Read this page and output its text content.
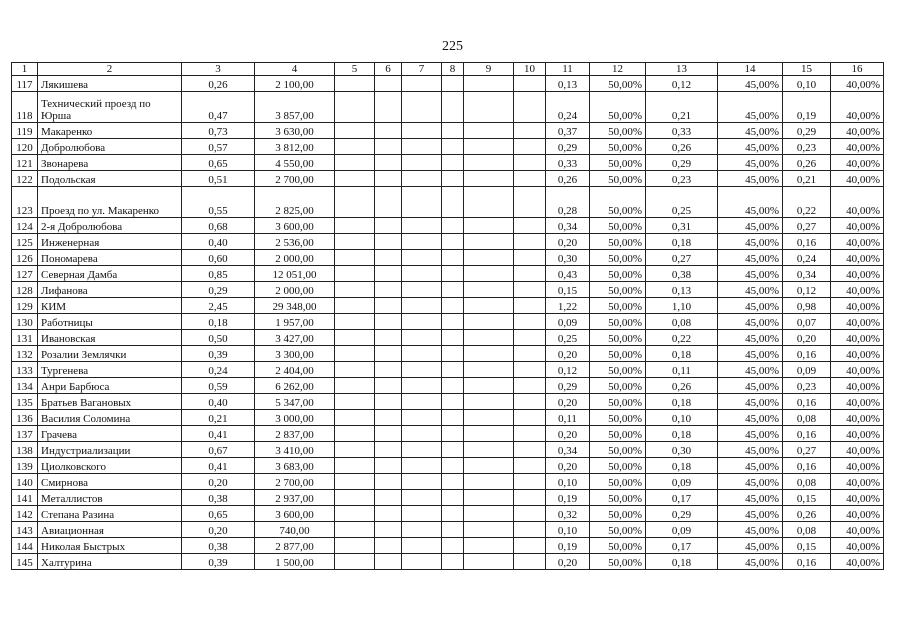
225
1	2	3	4	5	6	7	8	9	10	11	12	13	14	15	16
117	Лякишева	0,26	2 100,00							0,13	50,00%	0,12	45,00%	0,10	40,00%
118	Технический проезд по Юрша	0,47	3 857,00							0,24	50,00%	0,21	45,00%	0,19	40,00%
119	Макаренко	0,73	3 630,00							0,37	50,00%	0,33	45,00%	0,29	40,00%
120	Добролюбова	0,57	3 812,00							0,29	50,00%	0,26	45,00%	0,23	40,00%
121	Звонарева	0,65	4 550,00							0,33	50,00%	0,29	45,00%	0,26	40,00%
122	Подольская	0,51	2 700,00							0,26	50,00%	0,23	45,00%	0,21	40,00%
123	Проезд по ул. Макаренко	0,55	2 825,00							0,28	50,00%	0,25	45,00%	0,22	40,00%
124	2-я Добролюбова	0,68	3 600,00							0,34	50,00%	0,31	45,00%	0,27	40,00%
125	Инженерная	0,40	2 536,00							0,20	50,00%	0,18	45,00%	0,16	40,00%
126	Пономарева	0,60	2 000,00							0,30	50,00%	0,27	45,00%	0,24	40,00%
127	Северная Дамба	0,85	12 051,00							0,43	50,00%	0,38	45,00%	0,34	40,00%
128	Лифанова	0,29	2 000,00							0,15	50,00%	0,13	45,00%	0,12	40,00%
129	КИМ	2,45	29 348,00							1,22	50,00%	1,10	45,00%	0,98	40,00%
130	Работницы	0,18	1 957,00							0,09	50,00%	0,08	45,00%	0,07	40,00%
131	Ивановская	0,50	3 427,00							0,25	50,00%	0,22	45,00%	0,20	40,00%
132	Розалии Землячки	0,39	3 300,00							0,20	50,00%	0,18	45,00%	0,16	40,00%
133	Тургенева	0,24	2 404,00							0,12	50,00%	0,11	45,00%	0,09	40,00%
134	Анри Барбюса	0,59	6 262,00							0,29	50,00%	0,26	45,00%	0,23	40,00%
135	Братьев Вагановых	0,40	5 347,00							0,20	50,00%	0,18	45,00%	0,16	40,00%
136	Василия Соломина	0,21	3 000,00							0,11	50,00%	0,10	45,00%	0,08	40,00%
137	Грачева	0,41	2 837,00							0,20	50,00%	0,18	45,00%	0,16	40,00%
138	Индустриализации	0,67	3 410,00							0,34	50,00%	0,30	45,00%	0,27	40,00%
139	Циолковского	0,41	3 683,00							0,20	50,00%	0,18	45,00%	0,16	40,00%
140	Смирнова	0,20	2 700,00							0,10	50,00%	0,09	45,00%	0,08	40,00%
141	Металлистов	0,38	2 937,00							0,19	50,00%	0,17	45,00%	0,15	40,00%
142	Степана Разина	0,65	3 600,00							0,32	50,00%	0,29	45,00%	0,26	40,00%
143	Авиационная	0,20	740,00							0,10	50,00%	0,09	45,00%	0,08	40,00%
144	Николая Быстрых	0,38	2 877,00							0,19	50,00%	0,17	45,00%	0,15	40,00%
145	Халтурина	0,39	1 500,00							0,20	50,00%	0,18	45,00%	0,16	40,00%
